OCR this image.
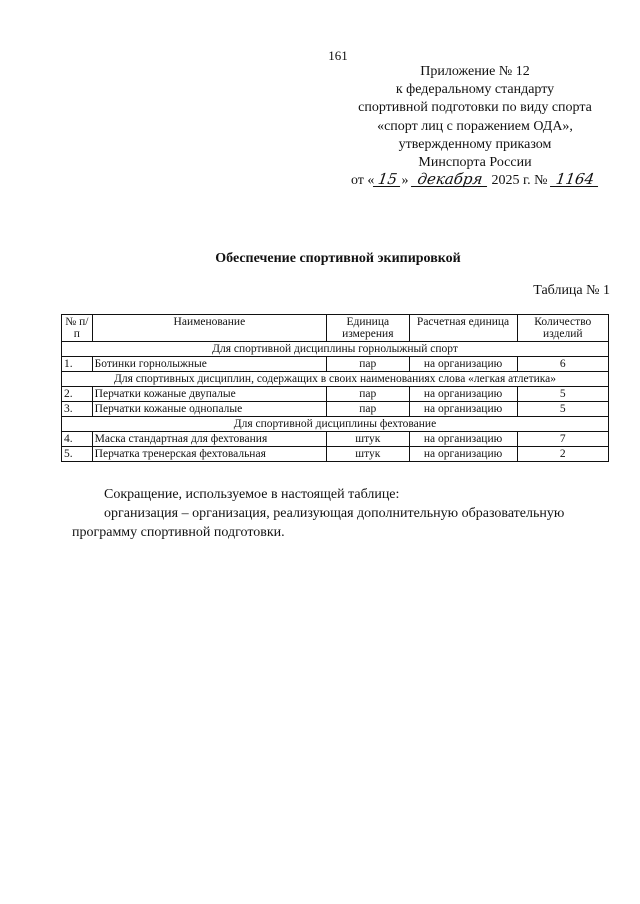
161
Приложение № 12
к федеральному стандарту
спортивной подготовки по виду спорта
«спорт лиц с поражением ОДА»,
утвержденному приказом
Минспорта России
от « 15 » декабря 2025 г. № 1164
Обеспечение спортивной экипировкой
Таблица № 1
№ п/п	Наименование	Единица измерения	Расчетная единица	Количество изделий
Для спортивной дисциплины горнолыжный спорт				
1.	Ботинки горнолыжные	пар	на организацию	6
Для спортивных дисциплин, содержащих в своих наименованиях слова «легкая атлетика»				
2.	Перчатки кожаные двупалые	пар	на организацию	5
3.	Перчатки кожаные однопалые	пар	на организацию	5
Для спортивной дисциплины фехтование				
4.	Маска стандартная для фехтования	штук	на организацию	7
5.	Перчатка тренерская фехтовальная	штук	на организацию	2

Сокращение, используемое в настоящей таблице:

организация – организация, реализующая дополнительную образовательную

программу спортивной подготовки.
